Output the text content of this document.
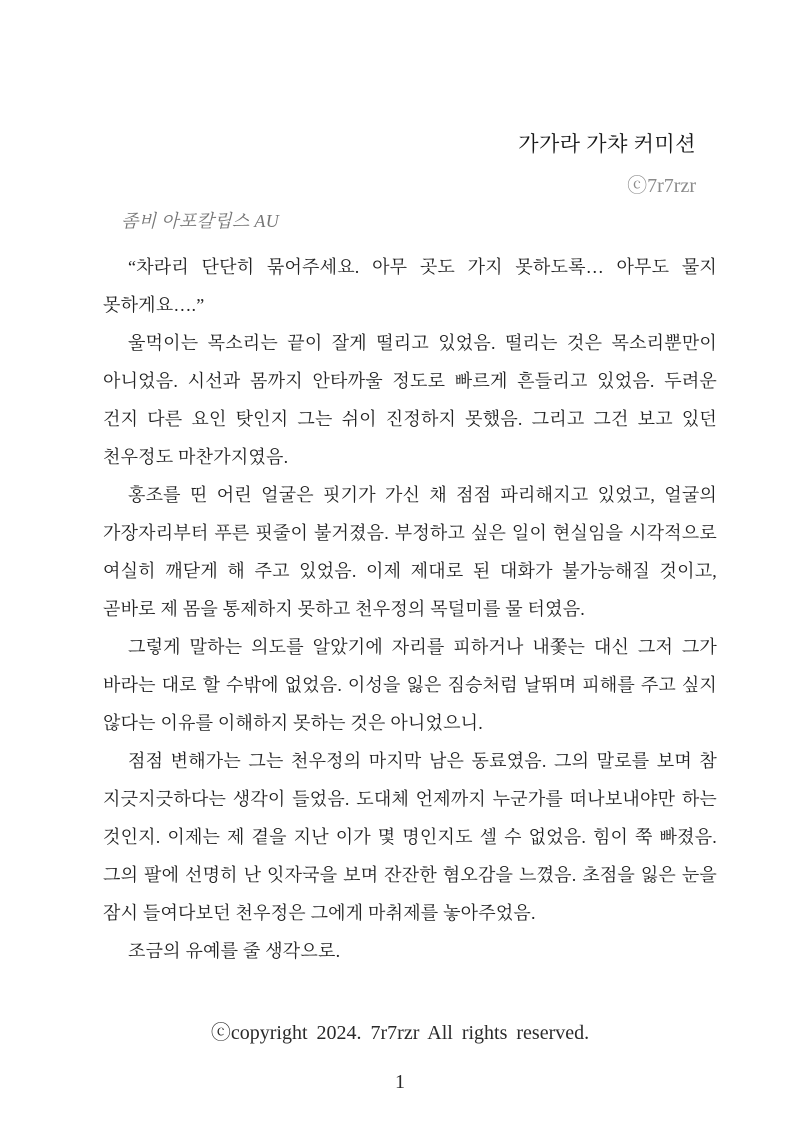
가가라 가챠 커미션
ⓒ7r7rzr
좀비 아포칼립스 AU

“차라리 단단히 묶어주세요. 아무 곳도 가지 못하도록… 아무도 물지 못하게요….”

울먹이는 목소리는 끝이 잘게 떨리고 있었음. 떨리는 것은 목소리뿐만이 아니었음. 시선과 몸까지 안타까울 정도로 빠르게 흔들리고 있었음. 두려운 건지 다른 요인 탓인지 그는 쉬이 진정하지 못했음. 그리고 그건 보고 있던 천우정도 마찬가지였음.

홍조를 띤 어린 얼굴은 핏기가 가신 채 점점 파리해지고 있었고, 얼굴의 가장자리부터 푸른 핏줄이 불거졌음. 부정하고 싶은 일이 현실임을 시각적으로 여실히 깨닫게 해 주고 있었음. 이제 제대로 된 대화가 불가능해질 것이고, 곧바로 제 몸을 통제하지 못하고 천우정의 목덜미를 물 터였음.

그렇게 말하는 의도를 알았기에 자리를 피하거나 내쫓는 대신 그저 그가 바라는 대로 할 수밖에 없었음. 이성을 잃은 짐승처럼 날뛰며 피해를 주고 싶지 않다는 이유를 이해하지 못하는 것은 아니었으니.

점점 변해가는 그는 천우정의 마지막 남은 동료였음. 그의 말로를 보며 참 지긋지긋하다는 생각이 들었음. 도대체 언제까지 누군가를 떠나보내야만 하는 것인지. 이제는 제 곁을 지난 이가 몇 명인지도 셀 수 없었음. 힘이 쭉 빠졌음. 그의 팔에 선명히 난 잇자국을 보며 잔잔한 혐오감을 느꼈음. 초점을 잃은 눈을 잠시 들여다보던 천우정은 그에게 마취제를 놓아주었음.

조금의 유예를 줄 생각으로.

ⓒcopyright 2024. 7r7rzr All rights reserved.
1
